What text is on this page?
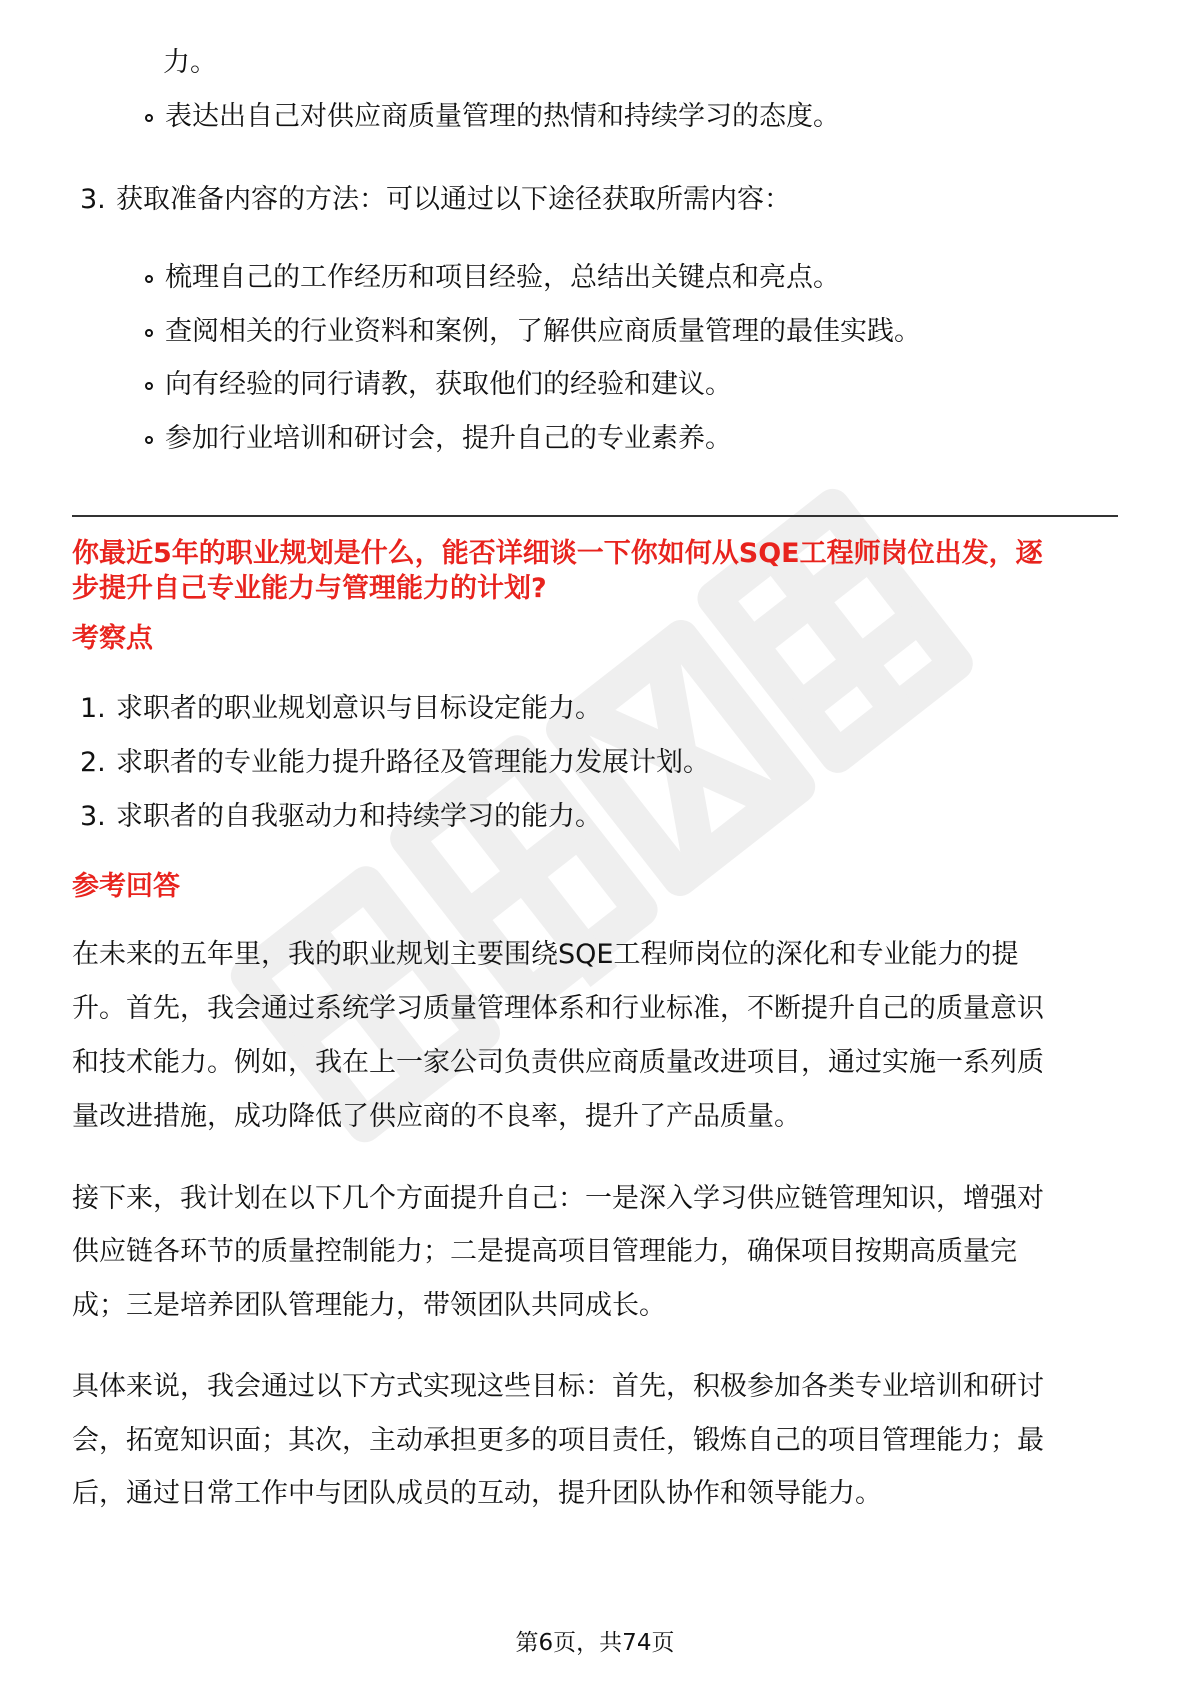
力。
表达出自己对供应商质量管理的热情和持续学习的态度。
3. 获取准备内容的方法：可以通过以下途径获取所需内容：
梳理自己的工作经历和项目经验，总结出关键点和亮点。
查阅相关的行业资料和案例，了解供应商质量管理的最佳实践。
向有经验的同行请教，获取他们的经验和建议。
参加行业培训和研讨会，提升自己的专业素养。
你最近5年的职业规划是什么，能否详细谈一下你如何从SQE工程师岗位出发，逐
步提升自己专业能力与管理能力的计划?
考察点
1. 求职者的职业规划意识与目标设定能力。
2. 求职者的专业能力提升路径及管理能力发展计划。
3. 求职者的自我驱动力和持续学习的能力。
参考回答
在未来的五年里，我的职业规划主要围绕SQE工程师岗位的深化和专业能力的提
升。首先，我会通过系统学习质量管理体系和行业标准，不断提升自己的质量意识
和技术能力。例如，我在上一家公司负责供应商质量改进项目，通过实施一系列质
量改进措施，成功降低了供应商的不良率，提升了产品质量。
接下来，我计划在以下几个方面提升自己：一是深入学习供应链管理知识，增强对
供应链各环节的质量控制能力；二是提高项目管理能力，确保项目按期高质量完
成；三是培养团队管理能力，带领团队共同成长。
具体来说，我会通过以下方式实现这些目标：首先，积极参加各类专业培训和研讨
会，拓宽知识面；其次，主动承担更多的项目责任，锻炼自己的项目管理能力；最
后，通过日常工作中与团队成员的互动，提升团队协作和领导能力。
第6页，共74页
